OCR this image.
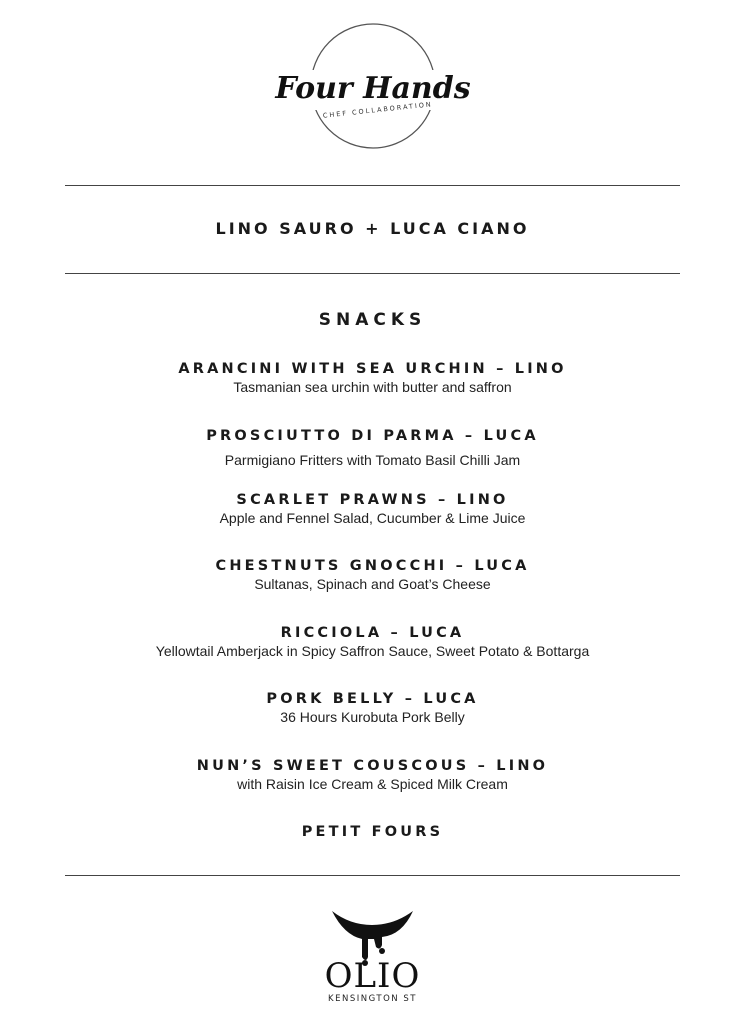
Four Hands
CHEF COLLABORATION
LINO SAURO + LUCA CIANO
SNACKS
ARANCINI WITH SEA URCHIN – LINO
Tasmanian sea urchin with butter and saffron
PROSCIUTTO DI PARMA – LUCA
Parmigiano Fritters with Tomato Basil Chilli Jam
SCARLET PRAWNS – LINO
Apple and Fennel Salad, Cucumber & Lime Juice
CHESTNUTS GNOCCHI – LUCA
Sultanas, Spinach and Goat’s Cheese
RICCIOLA – LUCA
Yellowtail Amberjack in Spicy Saffron Sauce, Sweet Potato & Bottarga
PORK BELLY – LUCA
36 Hours Kurobuta Pork Belly
NUN’S SWEET COUSCOUS – LINO
with Raisin Ice Cream & Spiced Milk Cream
PETIT FOURS
OLIO
KENSINGTON ST
